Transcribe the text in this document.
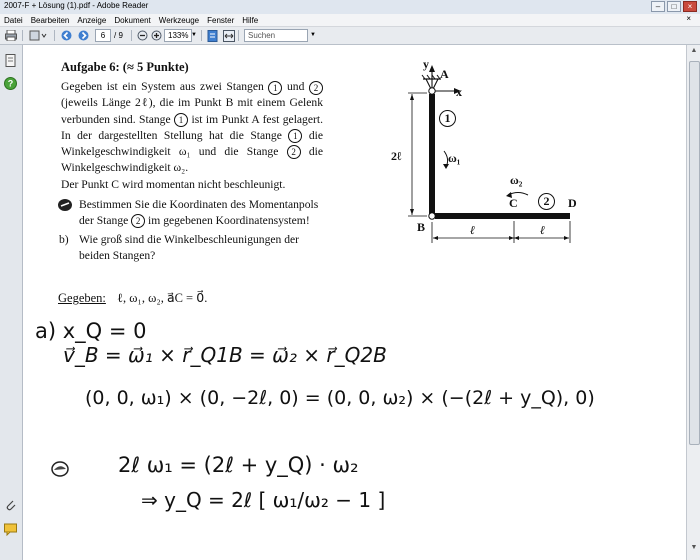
2007-F + Lösung (1).pdf - Adobe Reader	–	□	×
Datei	Bearbeiten	Anzeige	Dokument	Werkzeuge	Fenster	Hilfe	×
6	/ 9	133% ▼	Suchen	▼
?
▲
▼
Aufgabe 6: (≈ 5 Punkte)
Gegeben ist ein System aus zwei Stangen 1 und 2 (jeweils Länge 2ℓ), die im Punkt B mit einem Gelenk verbunden sind. Stange 1 ist im Punkt A fest gelagert. In der dargestellten Stellung hat die Stange 1 die Winkelgeschwindigkeit ω₁ und die Stange 2 die Winkelgeschwindigkeit ω₂.
Der Punkt C wird momentan nicht beschleunigt.
Bestimmen Sie die Koordinaten des Momentanpols der Stange 2 im gegebenen Koordinatensystem!
b) Wie groß sind die Winkelbeschleunigungen der beiden Stangen?
Gegeben: ℓ, ω₁, ω₂, a⃗C = 0⃗.
y
A
x
1
ω₁
2ℓ
ω₂
C	2	D
B	ℓ	ℓ
a) x_Q = 0
v⃗_B = ω⃗₁ × r⃗_Q1B = ω⃗₂ × r⃗_Q2B
(0, 0, ω₁) × (0, −2ℓ, 0) = (0, 0, ω₂) × (−(2ℓ + y_Q), 0)
2ℓ ω₁ = (2ℓ + y_Q) · ω₂
⇒ y_Q = 2ℓ [ ω₁/ω₂ − 1 ]
